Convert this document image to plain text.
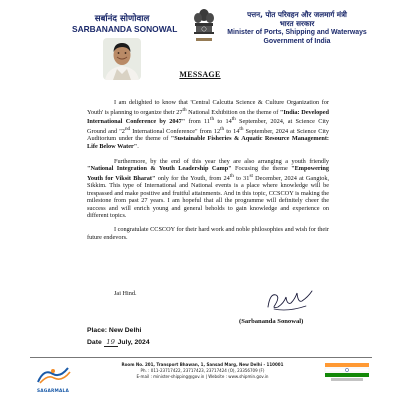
सर्बानंद सोणोवाल
SARBANANDA SONOWAL
पत्तन, पोत परिवहन और जलमार्ग मंत्री
भारत सरकार
Minister of Ports, Shipping and Waterways
Government of India
MESSAGE

I am delighted to know that 'Central Calcutta Science & Culture Organization for Youth' is planning to organize their 27th National Exhibition on the theme of "India: Developed International Conference by 2047" from 11th to 14th September, 2024, at Science City Ground and "2nd International Conference" from 12th to 14th September, 2024 at Science City Auditorium under the theme of "Sustainable Fisheries & Aquatic Resource Management: Life Below Water".

Furthermore, by the end of this year they are also arranging a youth friendly "National Integration & Youth Leadership Camp" Focusing the theme "Empowering Youth for Viksit Bharat" only for the Youth, from 24th to 31st December, 2024 at Gangtok, Sikkim. This type of International and National events is a place where knowledge will be trespassed and make positive and fruitful attainments. And in this topic, CCSCOY is making the milestone from past 27 years. I am hopeful that all the programme will definitely cheer the success and will enrich young and general beholds to gain knowledge and experience on different topics.

I congratulate CCSCOY for their hard work and noble philosophies and wish for their future endevors.

Jai Hind.
(Sarbananda Sonowal)
Place: New Delhi
Date 19 July, 2024
SAGARMALA
Room No. 201, Transport Bhawan, 1, Sansad Marg, New Delhi - 110001
Ph. : 011-23717422, 23717423, 23717424 (O), 23356709 (F)
E-mail : minister-shipping@gov.in | Website : www.shipmin.gov.in
